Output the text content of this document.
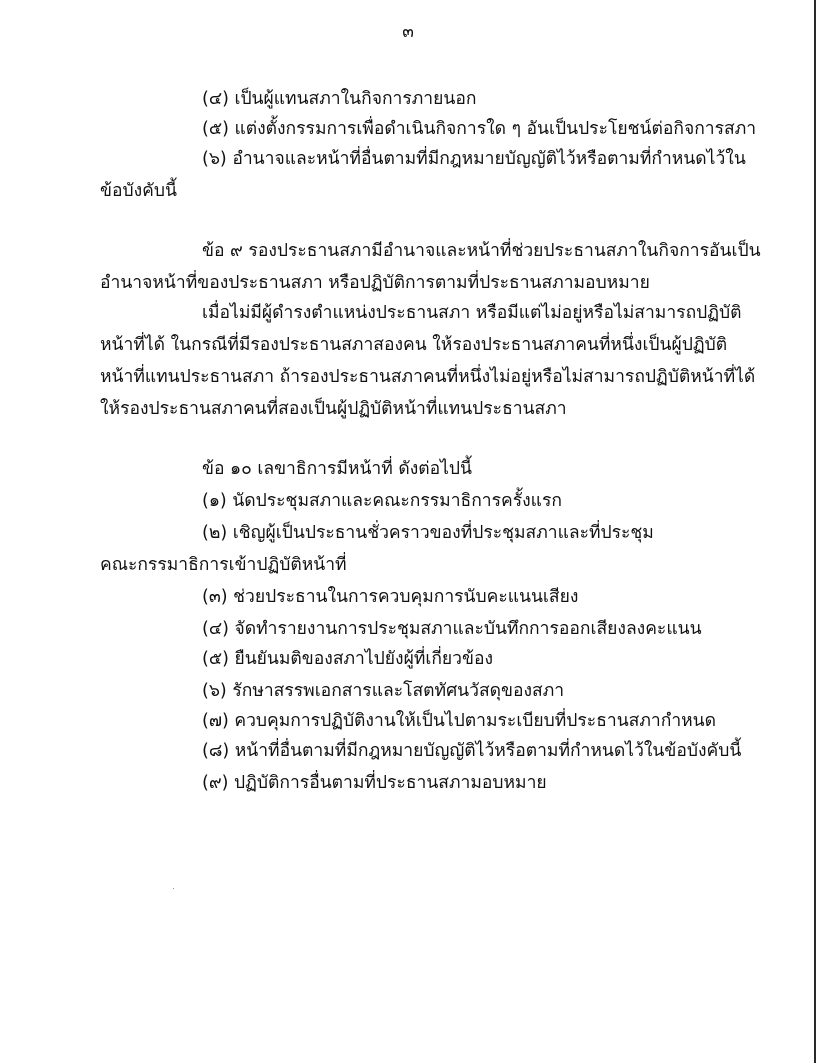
๓
(๔) เป็นผู้แทนสภาในกิจการภายนอก
(๕) แต่งตั้งกรรมการเพื่อดำเนินกิจการใด ๆ อันเป็นประโยชน์ต่อกิจการสภา
(๖) อำนาจและหน้าที่อื่นตามที่มีกฎหมายบัญญัติไว้หรือตามที่กำหนดไว้ใน
ข้อบังคับนี้
ข้อ ๙ รองประธานสภามีอำนาจและหน้าที่ช่วยประธานสภาในกิจการอันเป็น
อำนาจหน้าที่ของประธานสภา หรือปฏิบัติการตามที่ประธานสภามอบหมาย
เมื่อไม่มีผู้ดำรงตำแหน่งประธานสภา หรือมีแต่ไม่อยู่หรือไม่สามารถปฏิบัติ
หน้าที่ได้ ในกรณีที่มีรองประธานสภาสองคน ให้รองประธานสภาคนที่หนึ่งเป็นผู้ปฏิบัติ
หน้าที่แทนประธานสภา ถ้ารองประธานสภาคนที่หนึ่งไม่อยู่หรือไม่สามารถปฏิบัติหน้าที่ได้
ให้รองประธานสภาคนที่สองเป็นผู้ปฏิบัติหน้าที่แทนประธานสภา
ข้อ ๑๐ เลขาธิการมีหน้าที่ ดังต่อไปนี้
(๑) นัดประชุมสภาและคณะกรรมาธิการครั้งแรก
(๒) เชิญผู้เป็นประธานชั่วคราวของที่ประชุมสภาและที่ประชุม
คณะกรรมาธิการเข้าปฏิบัติหน้าที่
(๓) ช่วยประธานในการควบคุมการนับคะแนนเสียง
(๔) จัดทำรายงานการประชุมสภาและบันทึกการออกเสียงลงคะแนน
(๕) ยืนยันมติของสภาไปยังผู้ที่เกี่ยวข้อง
(๖) รักษาสรรพเอกสารและโสตทัศนวัสดุของสภา
(๗) ควบคุมการปฏิบัติงานให้เป็นไปตามระเบียบที่ประธานสภากำหนด
(๘) หน้าที่อื่นตามที่มีกฎหมายบัญญัติไว้หรือตามที่กำหนดไว้ในข้อบังคับนี้
(๙) ปฏิบัติการอื่นตามที่ประธานสภามอบหมาย
